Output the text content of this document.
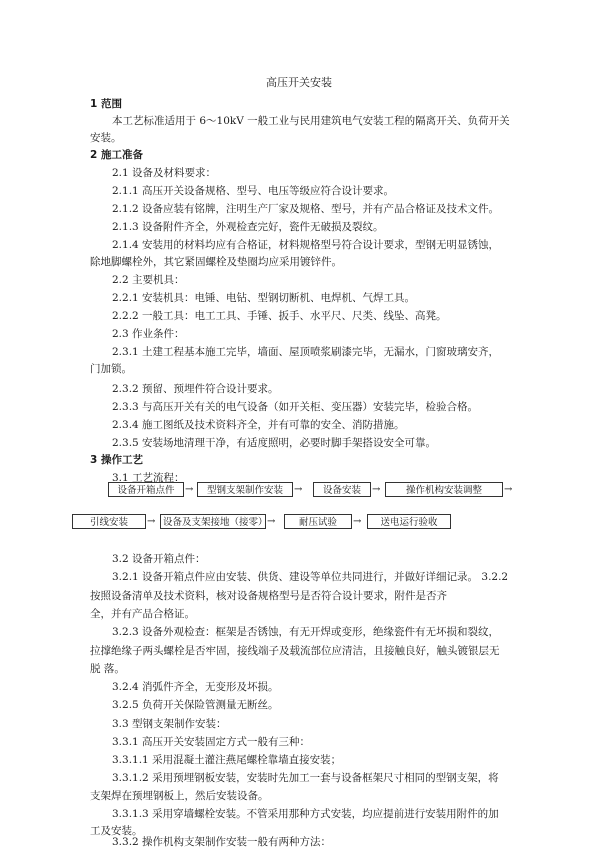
高压开关安装
1 范围
本工艺标准适用于 6～10kV 一般工业与民用建筑电气安装工程的隔离开关、负荷开关
安装。
2 施工准备
2.1 设备及材料要求：
2.1.1 高压开关设备规格、型号、电压等级应符合设计要求。
2.1.2 设备应装有铭牌，注明生产厂家及规格、型号，并有产品合格证及技术文件。
2.1.3 设备附件齐全，外观检查完好，瓷件无破损及裂纹。
2.1.4 安装用的材料均应有合格证，材料规格型号符合设计要求，型钢无明显锈蚀，
除地脚螺栓外，其它紧固螺栓及垫圈均应采用镀锌件。
2.2 主要机具：
2.2.1 安装机具：电锤、电钻、型钢切断机、电焊机、气焊工具。
2.2.2 一般工具：电工工具、手锤、扳手、水平尺、尺类、线坠、高凳。
2.3 作业条件：
2.3.1 土建工程基本施工完毕，墙面、屋顶喷浆刷漆完毕，无漏水，门窗玻璃安齐，
门加锁。
2.3.2 预留、预埋件符合设计要求。
2.3.3 与高压开关有关的电气设备（如开关柜、变压器）安装完毕，检验合格。
2.3.4 施工图纸及技术资料齐全，并有可靠的安全、消防措施。
2.3.5 安装场地清理干净，有适度照明，必要时脚手架搭设安全可靠。
3 操作工艺
3.1 工艺流程：
设备开箱点件	→	型钢支架制作安装	→	设备安装	→	操作机构安装调整	→
引线安装	→ 设备及支架接地（接零） →	耐压试验	→	送电运行验收
3.2 设备开箱点件：
3.2.1 设备开箱点件应由安装、供货、建设等单位共同进行，并做好详细记录。 3.2.2
按照设备清单及技术资料，核对设备规格型号是否符合设计要求，附件是否齐
全，并有产品合格证。
3.2.3 设备外观检查：框架是否锈蚀，有无开焊或变形，绝缘瓷件有无坏损和裂纹，
拉撑绝缘子两头螺栓是否牢固，接线端子及载流部位应清洁，且接触良好，触头镀银层无
脱 落。
3.2.4 消弧件齐全，无变形及坏损。
3.2.5 负荷开关保险管测量无断丝。
3.3 型钢支架制作安装：
3.3.1 高压开关安装固定方式一般有三种：
3.3.1.1 采用混凝土灌注燕尾螺栓靠墙直接安装；
3.3.1.2 采用预埋钢板安装，安装时先加工一套与设备框架尺寸相同的型钢支架，将
支架焊在预埋钢板上，然后安装设备。
3.3.1.3 采用穿墙螺栓安装。不管采用那种方式安装，均应提前进行安装用附件的加
工及安装。
3.3.2 操作机构支架制作安装一般有两种方法：
